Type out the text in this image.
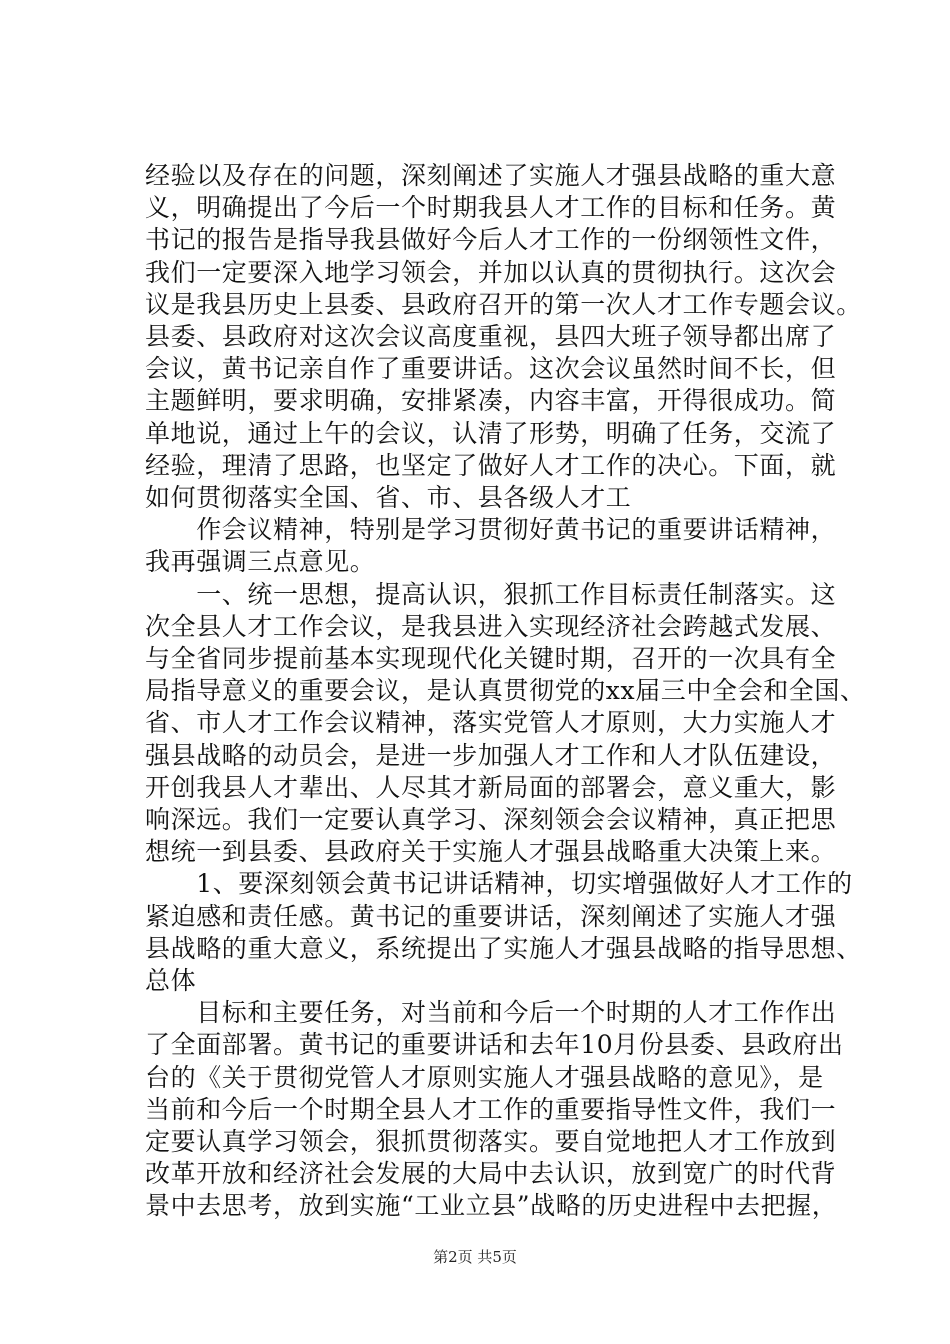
经验以及存在的问题，深刻阐述了实施人才强县战略的重大意
义，明确提出了今后一个时期我县人才工作的目标和任务。黄
书记的报告是指导我县做好今后人才工作的一份纲领性文件，
我们一定要深入地学习领会，并加以认真的贯彻执行。这次会
议是我县历史上县委、县政府召开的第一次人才工作专题会议。
县委、县政府对这次会议高度重视，县四大班子领导都出席了
会议，黄书记亲自作了重要讲话。这次会议虽然时间不长，但
主题鲜明，要求明确，安排紧凑，内容丰富，开得很成功。简
单地说，通过上午的会议，认清了形势，明确了任务，交流了
经验，理清了思路，也坚定了做好人才工作的决心。下面，就
如何贯彻落实全国、省、市、县各级人才工
　　作会议精神，特别是学习贯彻好黄书记的重要讲话精神，
我再强调三点意见。
　　一、统一思想，提高认识，狠抓工作目标责任制落实。这
次全县人才工作会议，是我县进入实现经济社会跨越式发展、
与全省同步提前基本实现现代化关键时期，召开的一次具有全
局指导意义的重要会议，是认真贯彻党的xx届三中全会和全国、
省、市人才工作会议精神，落实党管人才原则，大力实施人才
强县战略的动员会，是进一步加强人才工作和人才队伍建设，
开创我县人才辈出、人尽其才新局面的部署会，意义重大，影
响深远。我们一定要认真学习、深刻领会会议精神，真正把思
想统一到县委、县政府关于实施人才强县战略重大决策上来。
　　1、要深刻领会黄书记讲话精神，切实增强做好人才工作的
紧迫感和责任感。黄书记的重要讲话，深刻阐述了实施人才强
县战略的重大意义，系统提出了实施人才强县战略的指导思想、
总体
　　目标和主要任务，对当前和今后一个时期的人才工作作出
了全面部署。黄书记的重要讲话和去年10月份县委、县政府出
台的《关于贯彻党管人才原则实施人才强县战略的意见》，是
当前和今后一个时期全县人才工作的重要指导性文件，我们一
定要认真学习领会，狠抓贯彻落实。要自觉地把人才工作放到
改革开放和经济社会发展的大局中去认识，放到宽广的时代背
景中去思考，放到实施“工业立县”战略的历史进程中去把握，
第2页 共5页
